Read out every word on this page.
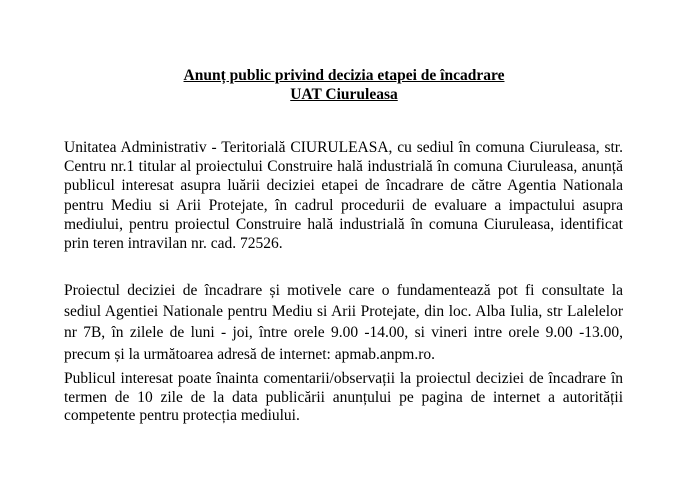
Anunț public privind decizia etapei de încadrare

UAT Ciuruleasa

Unitatea Administrativ - Teritorială CIURULEASA, cu sediul în comuna Ciuruleasa, str. Centru nr.1 titular al proiectului Construire hală industrială în comuna Ciuruleasa, anunță publicul interesat asupra luării deciziei etapei de încadrare de către Agentia Nationala pentru Mediu si Arii Protejate, în cadrul procedurii de evaluare a impactului asupra mediului, pentru proiectul Construire hală industrială în comuna Ciuruleasa, identificat prin teren intravilan nr. cad. 72526.

Proiectul deciziei de încadrare și motivele care o fundamentează pot fi consultate la sediul Agentiei Nationale pentru Mediu si Arii Protejate, din loc. Alba Iulia, str Lalelelor nr 7B, în zilele de luni - joi, între orele 9.00 -14.00, si vineri intre orele 9.00 -13.00, precum și la următoarea adresă de internet: apmab.anpm.ro.

Publicul interesat poate înainta comentarii/observații la proiectul deciziei de încadrare în termen de 10 zile de la data publicării anunțului pe pagina de internet a autorității competente pentru protecția mediului.
